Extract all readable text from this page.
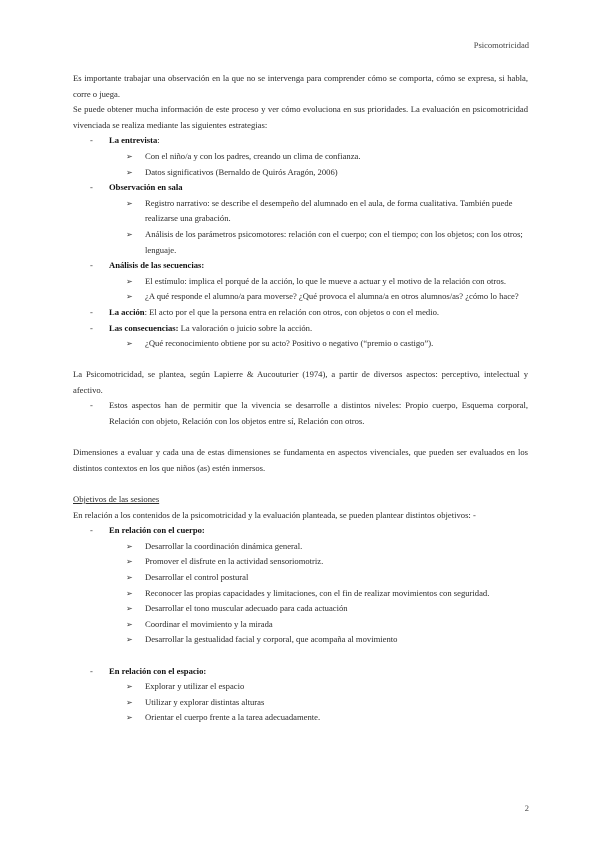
Psicomotricidad

Es importante trabajar una observación en la que no se intervenga para comprender cómo se comporta, cómo se expresa, si habla, corre o juega.

Se puede obtener mucha información de este proceso y ver cómo evoluciona en sus prioridades. La evaluación en psicomotricidad vivenciada se realiza mediante las siguientes estrategias:

- La entrevista:

➢ Con el niño/a y con los padres, creando un clima de confianza.

➢ Datos significativos (Bernaldo de Quirós Aragón, 2006)

- Observación en sala

➢ Registro narrativo: se describe el desempeño del alumnado en el aula, de forma cualitativa. También puede realizarse una grabación.

➢ Análisis de los parámetros psicomotores: relación con el cuerpo; con el tiempo; con los objetos; con los otros; lenguaje.

- Análisis de las secuencias:

➢ El estímulo: implica el porqué de la acción, lo que le mueve a actuar y el motivo de la relación con otros.

➢ ¿A qué responde el alumno/a para moverse? ¿Qué provoca el alumna/a en otros alumnos/as? ¿cómo lo hace?

- La acción: El acto por el que la persona entra en relación con otros, con objetos o con el medio.

- Las consecuencias: La valoración o juicio sobre la acción.

➢ ¿Qué reconocimiento obtiene por su acto? Positivo o negativo (“premio o castigo”).

La Psicomotricidad, se plantea, según Lapierre & Aucouturier (1974), a partir de diversos aspectos: perceptivo, intelectual y afectivo.

- Estos aspectos han de permitir que la vivencia se desarrolle a distintos niveles: Propio cuerpo, Esquema corporal, Relación con objeto, Relación con los objetos entre sí, Relación con otros.

Dimensiones a evaluar y cada una de estas dimensiones se fundamenta en aspectos vivenciales, que pueden ser evaluados en los distintos contextos en los que niños (as) estén inmersos.

Objetivos de las sesiones

En relación a los contenidos de la psicomotricidad y la evaluación planteada, se pueden plantear distintos objetivos: -

- En relación con el cuerpo:

➢ Desarrollar la coordinación dinámica general.

➢ Promover el disfrute en la actividad sensoriomotriz.

➢ Desarrollar el control postural

➢ Reconocer las propias capacidades y limitaciones, con el fin de realizar movimientos con seguridad.

➢ Desarrollar el tono muscular adecuado para cada actuación

➢ Coordinar el movimiento y la mirada

➢ Desarrollar la gestualidad facial y corporal, que acompaña al movimiento

- En relación con el espacio:

➢ Explorar y utilizar el espacio

➢ Utilizar y explorar distintas alturas

➢ Orientar el cuerpo frente a la tarea adecuadamente.

2
